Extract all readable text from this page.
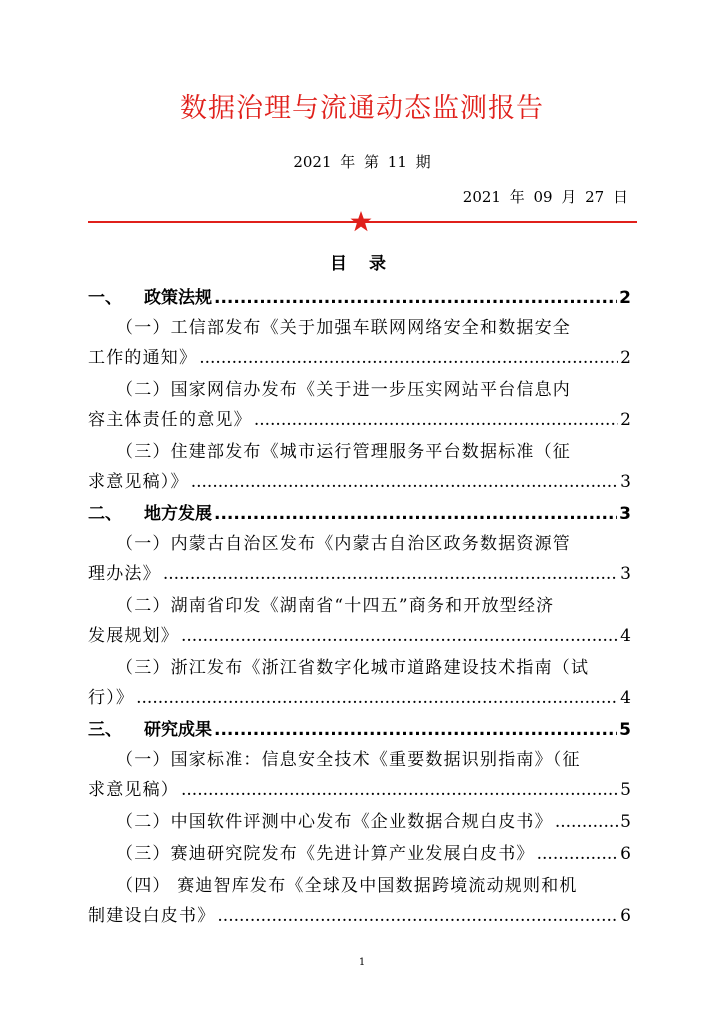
数据治理与流通动态监测报告
2021 年 第 11 期
2021 年 09 月 27 日
目 录
一、	政策法规 .....	2
（一）工信部发布《关于加强车联网网络安全和数据安全
工作的通知》 .....	2
（二）国家网信办发布《关于进一步压实网站平台信息内
容主体责任的意见》 .....	2
（三）住建部发布《城市运行管理服务平台数据标准（征
求意见稿）》 .....	3
二、	地方发展 .....	3
（一）内蒙古自治区发布《内蒙古自治区政务数据资源管
理办法》 .....	3
（二）湖南省印发《湖南省“十四五”商务和开放型经济
发展规划》 .....	4
（三）浙江发布《浙江省数字化城市道路建设技术指南（试
行）》 .....	4
三、	研究成果 .....	5
（一）国家标准：信息安全技术《重要数据识别指南》（征
求意见稿） .....	5
（二）中国软件评测中心发布《企业数据合规白皮书》 .....	5
（三）赛迪研究院发布《先进计算产业发展白皮书》 .....	6
（四） 赛迪智库发布《全球及中国数据跨境流动规则和机
制建设白皮书》 .....	6
1
